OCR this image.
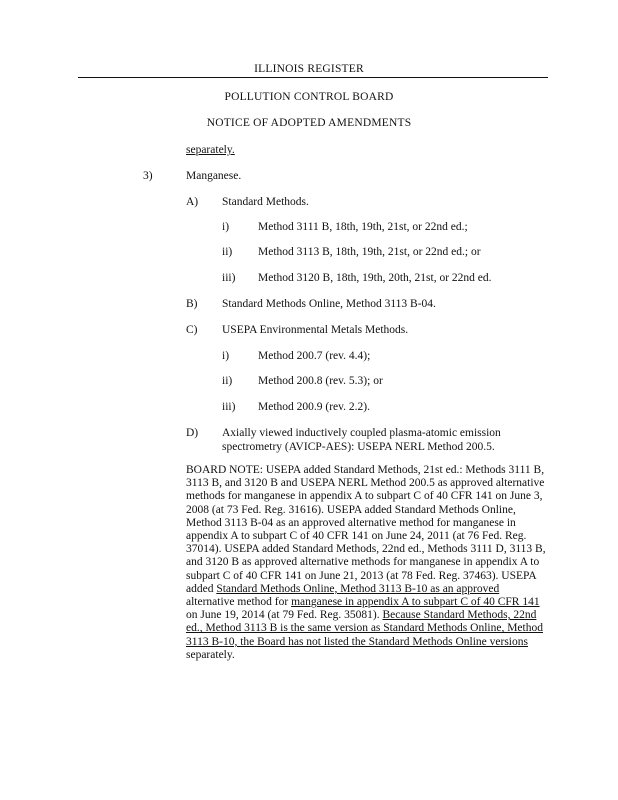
ILLINOIS REGISTER
POLLUTION CONTROL BOARD
NOTICE OF ADOPTED AMENDMENTS
separately.
3)	Manganese.
A) Standard Methods.
i)	Method 3111 B, 18th, 19th, 21st, or 22nd ed.;
ii) Method 3113 B, 18th, 19th, 21st, or 22nd ed.; or
iii) Method 3120 B, 18th, 19th, 20th, 21st, or 22nd ed.
B) Standard Methods Online, Method 3113 B-04.
C) USEPA Environmental Metals Methods.
i)	Method 200.7 (rev. 4.4);
ii) Method 200.8 (rev. 5.3); or
iii) Method 200.9 (rev. 2.2).
D) Axially viewed inductively coupled plasma-atomic emission
spectrometry (AVICP-AES): USEPA NERL Method 200.5.
BOARD NOTE: USEPA added Standard Methods, 21st ed.: Methods 3111 B, 3113 B, and 3120 B and USEPA NERL Method 200.5 as approved alternative methods for manganese in appendix A to subpart C of 40 CFR 141 on June 3, 2008 (at 73 Fed. Reg. 31616). USEPA added Standard Methods Online, Method 3113 B-04 as an approved alternative method for manganese in appendix A to subpart C of 40 CFR 141 on June 24, 2011 (at 76 Fed. Reg. 37014). USEPA added Standard Methods, 22nd ed., Methods 3111 D, 3113 B, and 3120 B as approved alternative methods for manganese in appendix A to subpart C of 40 CFR 141 on June 21, 2013 (at 78 Fed. Reg. 37463). USEPA added Standard Methods Online, Method 3113 B-10 as an approved alternative method for manganese in appendix A to subpart C of 40 CFR 141 on June 19, 2014 (at 79 Fed. Reg. 35081). Because Standard Methods, 22nd ed., Method 3113 B is the same version as Standard Methods Online, Method 3113 B-10, the Board has not listed the Standard Methods Online versions separately.
